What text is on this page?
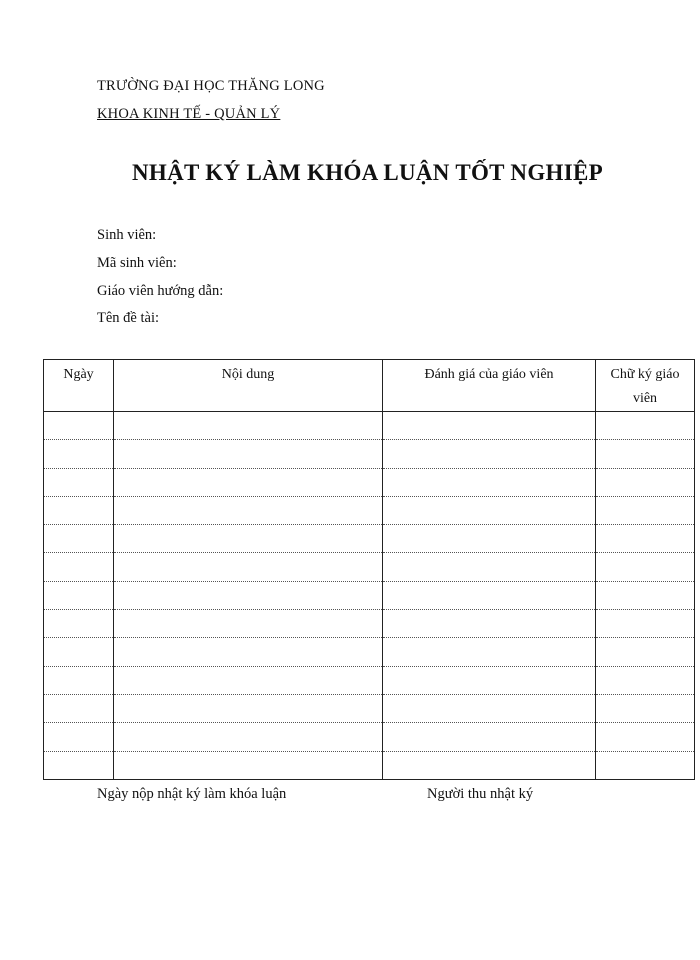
TRƯỜNG ĐẠI HỌC THĂNG LONG
KHOA KINH TẾ - QUẢN LÝ
NHẬT KÝ LÀM KHÓA LUẬN TỐT NGHIỆP
Sinh viên:
Mã sinh viên:
Giáo viên hướng dẫn:
Tên đề tài:
Ngày	Nội dung	Đánh giá của giáo viên	Chữ ký giáo viên

Ngày nộp nhật ký làm khóa luận	Người thu nhật ký
